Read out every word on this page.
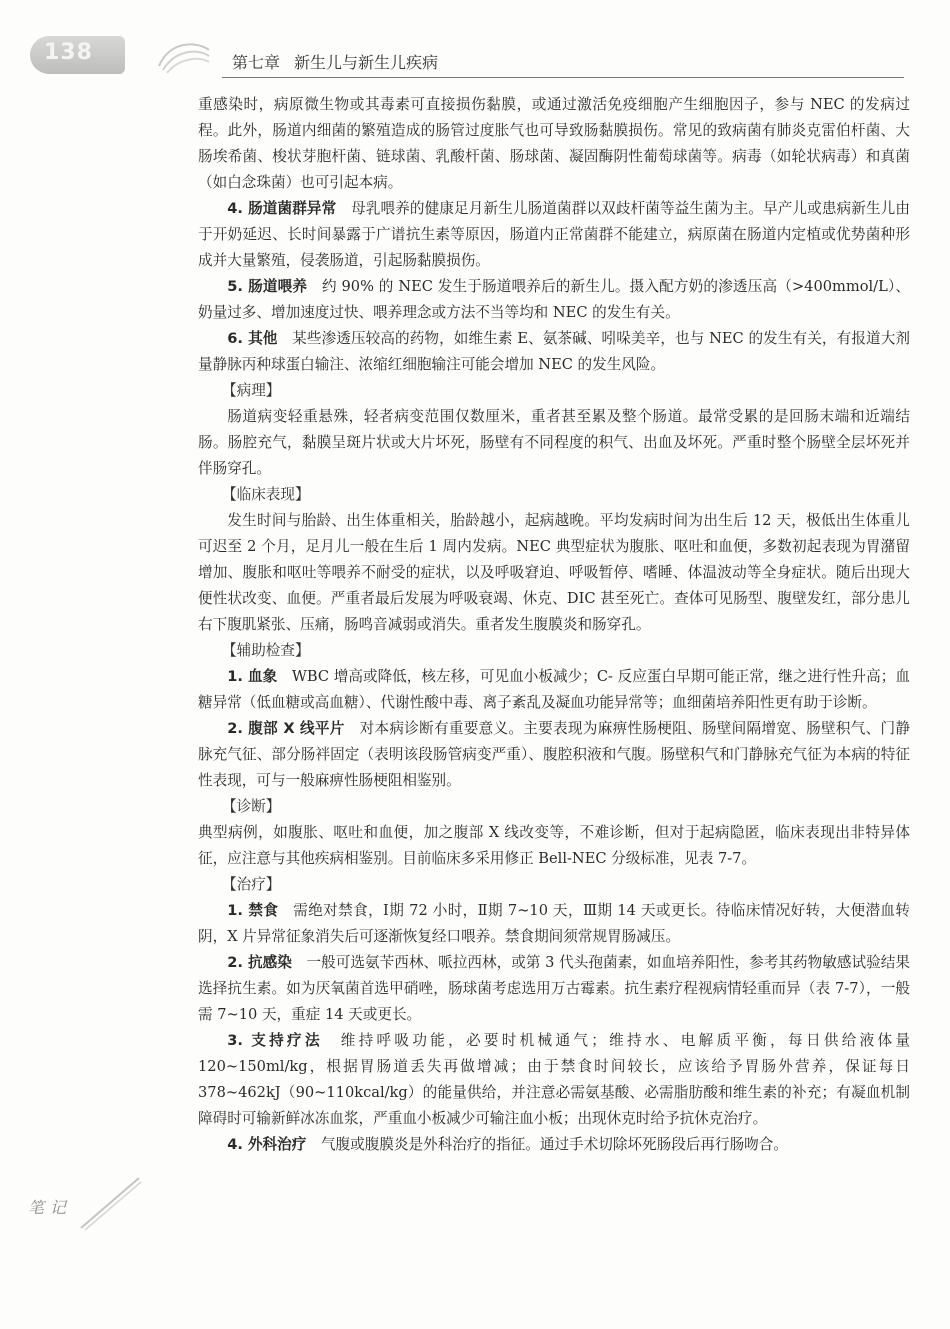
138	第七章 新生儿与新生儿疾病

重感染时，病原微生物或其毒素可直接损伤黏膜，或通过激活免疫细胞产生细胞因子，参与 NEC 的发病过程。此外，肠道内细菌的繁殖造成的肠管过度胀气也可导致肠黏膜损伤。常见的致病菌有肺炎克雷伯杆菌、大肠埃希菌、梭状芽胞杆菌、链球菌、乳酸杆菌、肠球菌、凝固酶阴性葡萄球菌等。病毒（如轮状病毒）和真菌（如白念珠菌）也可引起本病。

4. 肠道菌群异常　 母乳喂养的健康足月新生儿肠道菌群以双歧杆菌等益生菌为主。早产儿或患病新生儿由于开奶延迟、长时间暴露于广谱抗生素等原因，肠道内正常菌群不能建立，病原菌在肠道内定植或优势菌种形成并大量繁殖，侵袭肠道，引起肠黏膜损伤。

5. 肠道喂养　 约 90% 的 NEC 发生于肠道喂养后的新生儿。摄入配方奶的渗透压高（>400mmol/L）、奶量过多、增加速度过快、喂养理念或方法不当等均和 NEC 的发生有关。

6. 其他　 某些渗透压较高的药物，如维生素 E、氨茶碱、吲哚美辛，也与 NEC 的发生有关，有报道大剂量静脉丙种球蛋白输注、浓缩红细胞输注可能会增加 NEC 的发生风险。

【病理】

肠道病变轻重悬殊，轻者病变范围仅数厘米，重者甚至累及整个肠道。最常受累的是回肠末端和近端结肠。肠腔充气，黏膜呈斑片状或大片坏死，肠壁有不同程度的积气、出血及坏死。严重时整个肠壁全层坏死并伴肠穿孔。

【临床表现】

发生时间与胎龄、出生体重相关，胎龄越小，起病越晚。平均发病时间为出生后 12 天，极低出生体重儿可迟至 2 个月，足月儿一般在生后 1 周内发病。NEC 典型症状为腹胀、呕吐和血便，多数初起表现为胃潴留增加、腹胀和呕吐等喂养不耐受的症状，以及呼吸窘迫、呼吸暂停、嗜睡、体温波动等全身症状。随后出现大便性状改变、血便。严重者最后发展为呼吸衰竭、休克、DIC 甚至死亡。查体可见肠型、腹壁发红，部分患儿右下腹肌紧张、压痛，肠鸣音减弱或消失。重者发生腹膜炎和肠穿孔。

【辅助检查】

1. 血象　 WBC 增高或降低，核左移，可见血小板减少；C- 反应蛋白早期可能正常，继之进行性升高；血糖异常（低血糖或高血糖）、代谢性酸中毒、离子紊乱及凝血功能异常等；血细菌培养阳性更有助于诊断。

2. 腹部 X 线平片　 对本病诊断有重要意义。主要表现为麻痹性肠梗阻、肠壁间隔增宽、肠壁积气、门静脉充气征、部分肠袢固定（表明该段肠管病变严重）、腹腔积液和气腹。肠壁积气和门静脉充气征为本病的特征性表现，可与一般麻痹性肠梗阻相鉴别。

【诊断】

典型病例，如腹胀、呕吐和血便，加之腹部 X 线改变等，不难诊断，但对于起病隐匿，临床表现出非特异体征，应注意与其他疾病相鉴别。目前临床多采用修正 Bell-NEC 分级标准，见表 7-7。

【治疗】

1. 禁食　 需绝对禁食，Ⅰ期 72 小时，Ⅱ期 7~10 天，Ⅲ期 14 天或更长。待临床情况好转，大便潜血转阴，X 片异常征象消失后可逐渐恢复经口喂养。禁食期间须常规胃肠减压。

2. 抗感染　 一般可选氨苄西林、哌拉西林，或第 3 代头孢菌素，如血培养阳性，参考其药物敏感试验结果选择抗生素。如为厌氧菌首选甲硝唑，肠球菌考虑选用万古霉素。抗生素疗程视病情轻重而异（表 7-7），一般需 7~10 天，重症 14 天或更长。

3. 支持疗法　 维持呼吸功能，必要时机械通气；维持水、电解质平衡，每日供给液体量 120~150ml/kg，根据胃肠道丢失再做增减；由于禁食时间较长，应该给予胃肠外营养，保证每日 378~462kJ（90~110kcal/kg）的能量供给，并注意必需氨基酸、必需脂肪酸和维生素的补充；有凝血机制障碍时可输新鲜冰冻血浆，严重血小板减少可输注血小板；出现休克时给予抗休克治疗。

4. 外科治疗　 气腹或腹膜炎是外科治疗的指征。通过手术切除坏死肠段后再行肠吻合。

笔记
